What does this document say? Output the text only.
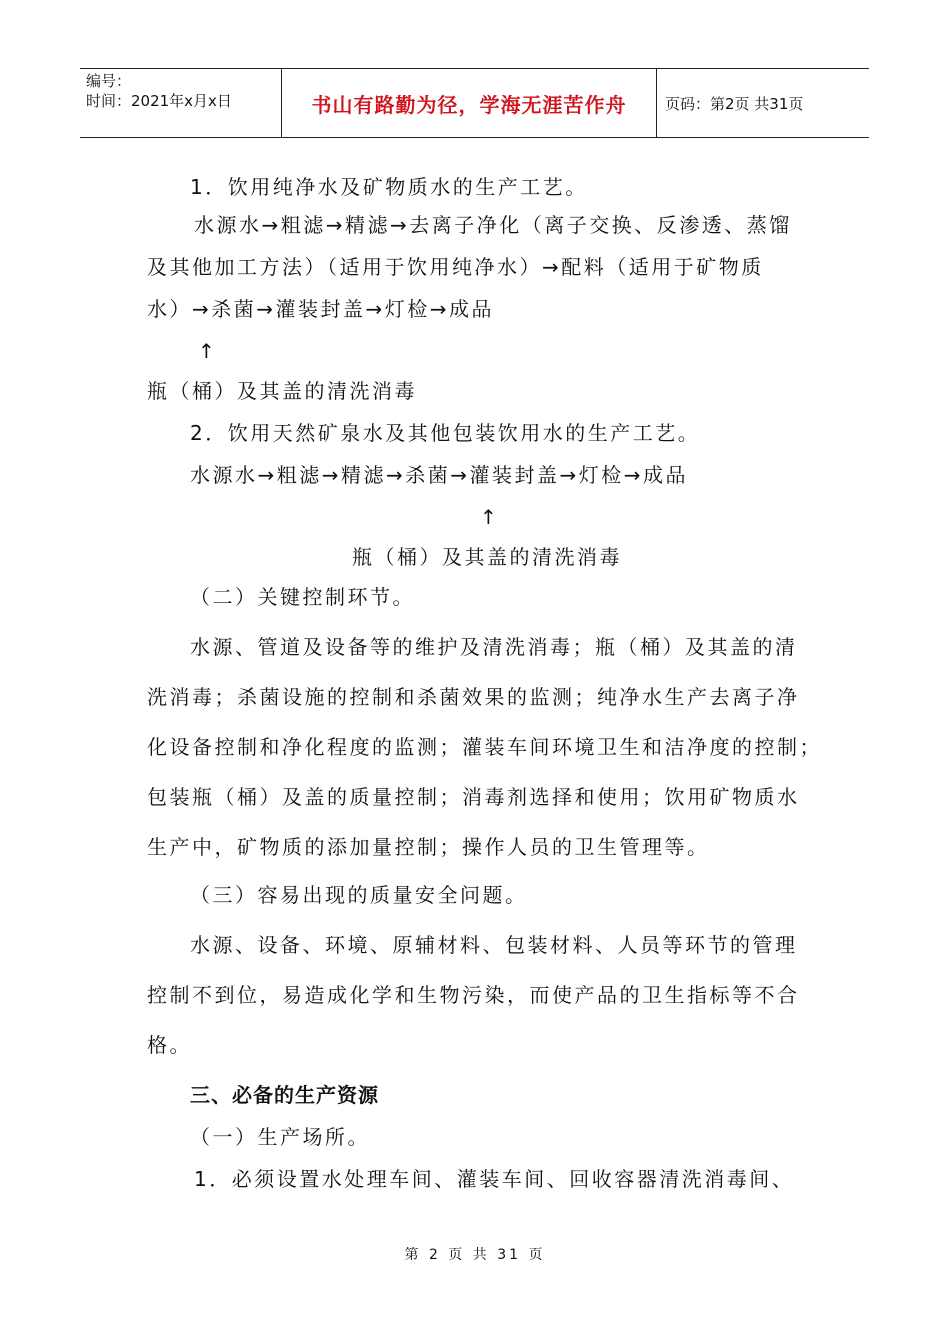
编号：
时间：2021年x月x日	书山有路勤为径，学海无涯苦作舟	页码：第2页 共31页
1．饮用纯净水及矿物质水的生产工艺。
水源水→粗滤→精滤→去离子净化（离子交换、反渗透、蒸馏
及其他加工方法）（适用于饮用纯净水）→配料（适用于矿物质
水）→杀菌→灌装封盖→灯检→成品
↑
瓶（桶）及其盖的清洗消毒
2．饮用天然矿泉水及其他包装饮用水的生产工艺。
水源水→粗滤→精滤→杀菌→灌装封盖→灯检→成品
↑
瓶（桶）及其盖的清洗消毒
（二）关键控制环节。
水源、管道及设备等的维护及清洗消毒；瓶（桶）及其盖的清
洗消毒；杀菌设施的控制和杀菌效果的监测；纯净水生产去离子净
化设备控制和净化程度的监测；灌装车间环境卫生和洁净度的控制；
包装瓶（桶）及盖的质量控制；消毒剂选择和使用；饮用矿物质水
生产中，矿物质的添加量控制；操作人员的卫生管理等。
（三）容易出现的质量安全问题。
水源、设备、环境、原辅材料、包装材料、人员等环节的管理
控制不到位，易造成化学和生物污染，而使产品的卫生指标等不合
格。
三、必备的生产资源
（一）生产场所。
1．必须设置水处理车间、灌装车间、回收容器清洗消毒间、
第 2 页 共 31 页
